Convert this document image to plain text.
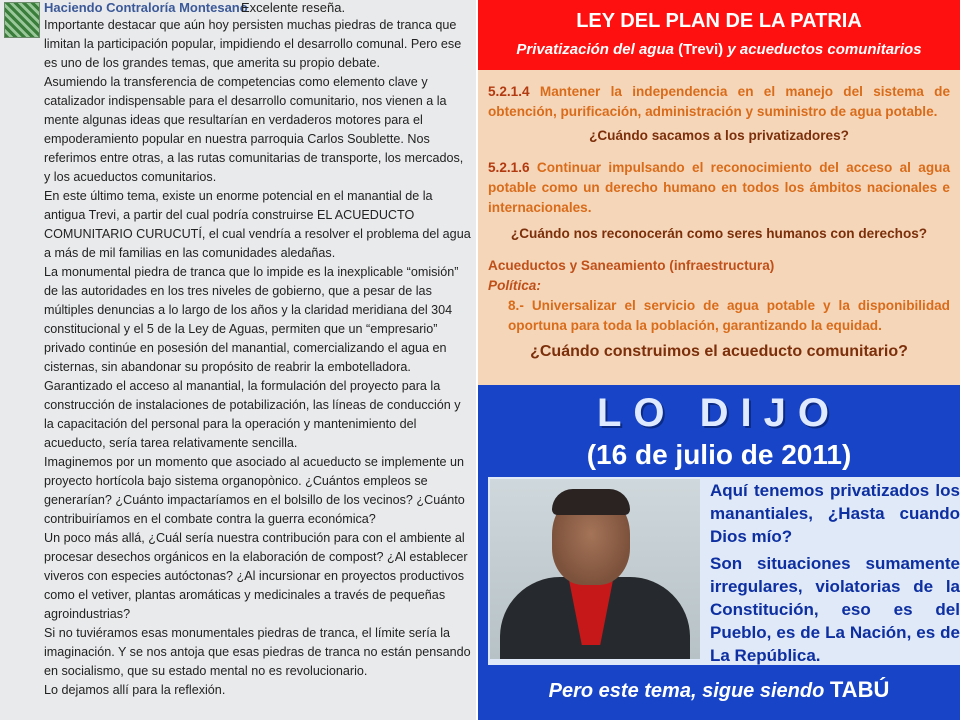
Haciendo Contraloría Montesano
Excelente reseña.

Importante destacar que aún hoy persisten muchas piedras de tranca que limitan la participación popular, impidiendo el desarrollo comunal. Pero ese es uno de los grandes temas, que amerita su propio debate.

Asumiendo la transferencia de competencias como elemento clave y catalizador indispensable para el desarrollo comunitario, nos vienen a la mente algunas ideas que resultarían en verdaderos motores para el empoderamiento popular en nuestra parroquia Carlos Soublette. Nos referimos entre otras, a las rutas comunitarias de transporte, los mercados, y los acueductos comunitarios.

En este último tema, existe un enorme potencial en el manantial de la antigua Trevi, a partir del cual podría construirse EL ACUEDUCTO COMUNITARIO CURUCUTÍ, el cual vendría a resolver el problema del agua a más de mil familias en las comunidades aledañas.

La monumental piedra de tranca que lo impide es la inexplicable “omisión” de las autoridades en los tres niveles de gobierno, que a pesar de las múltiples denuncias a lo largo de los años y la claridad meridiana del 304 constitucional y el 5 de la Ley de Aguas, permiten que un “empresario” privado continúe en posesión del manantial, comercializando el agua en cisternas, sin abandonar su propósito de reabrir la embotelladora.

Garantizado el acceso al manantial, la formulación del proyecto para la construcción de instalaciones de potabilización, las líneas de conducción y la capacitación del personal para la operación y mantenimiento del acueducto, sería tarea relativamente sencilla.

Imaginemos por un momento que asociado al acueducto se implemente un proyecto hortícola bajo sistema organopònico. ¿Cuántos empleos se generarían? ¿Cuánto impactaríamos en el bolsillo de los vecinos? ¿Cuánto contribuiríamos en el combate contra la guerra económica?

Un poco más allá, ¿Cuál sería nuestra contribución para con el ambiente al procesar desechos orgánicos en la elaboración de compost? ¿Al establecer viveros con especies autóctonas? ¿Al incursionar en proyectos productivos como el vetiver, plantas aromáticas y medicinales a través de pequeñas agroindustrias?

Si no tuviéramos esas monumentales piedras de tranca, el límite sería la imaginación. Y se nos antoja que esas piedras de tranca no están pensando en socialismo, que su estado mental no es revolucionario.

Lo dejamos allí para la reflexión.

LEY DEL PLAN DE LA PATRIA
Privatización del agua (Trevi) y acueductos comunitarios
5.2.1.4 Mantener la independencia en el manejo del sistema de obtención, purificación, administración y suministro de agua potable.
¿Cuándo sacamos a los privatizadores?
5.2.1.6 Continuar impulsando el reconocimiento del acceso al agua potable como un derecho humano en todos los ámbitos nacionales e internacionales.
¿Cuándo nos reconocerán como seres humanos con derechos?
Acueductos y Saneamiento (infraestructura)
Política:
8.- Universalizar el servicio de agua potable y la disponibilidad oportuna para toda la población, garantizando la equidad.
¿Cuándo construimos el acueducto comunitario?
LO DIJO
(16 de julio de 2011)
Aquí tenemos privatizados los manantiales, ¿Hasta cuando Dios mío?
Son situaciones sumamente irregulares, violatorias de la Constitución, eso es del Pueblo, es de La Nación, es de La República.
Pero este tema, sigue siendo TABÚ
